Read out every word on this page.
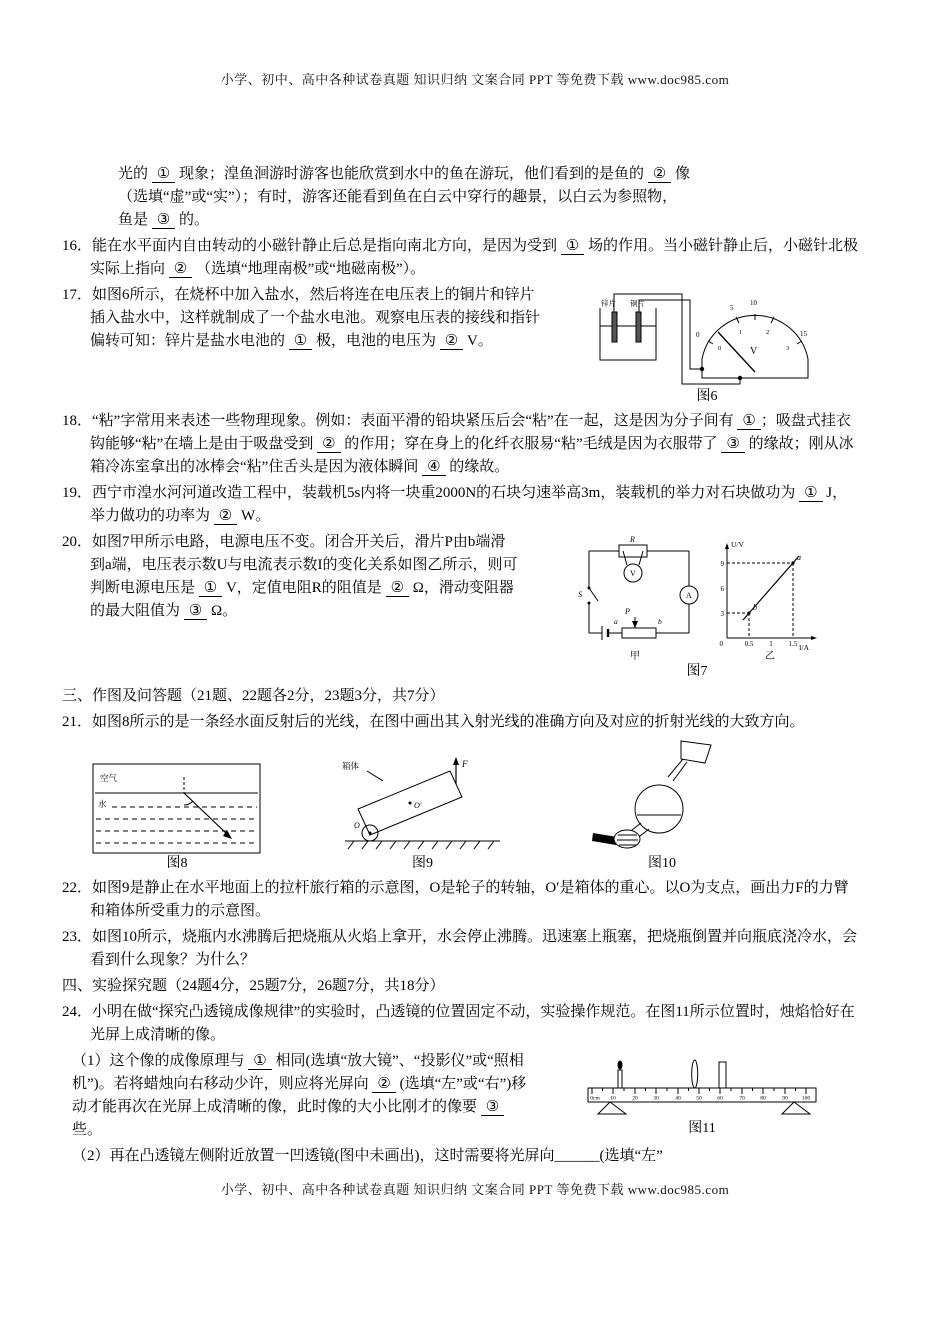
小学、初中、高中各种试卷真题 知识归纳 文案合同 PPT 等免费下载 www.doc985.com
光的 ① 现象；湟鱼洄游时游客也能欣赏到水中的鱼在游玩，他们看到的是鱼的 ② 像
（选填“虚”或“实”）；有时，游客还能看到鱼在白云中穿行的趣景，以白云为参照物，
鱼是 ③ 的。
16．能在水平面内自由转动的小磁针静止后总是指向南北方向，是因为受到 ① 场的作用。当小磁针静止后，小磁针北极实际上指向 ② （选填“地理南极”或“地磁南极”）。
锌片 铜片
0
5
10
15
0
1	2
3
V
图6
17．如图6所示，在烧杯中加入盐水，然后将连在电压表上的铜片和锌片插入盐水中，这样就制成了一个盐水电池。观察电压表的接线和指针偏转可知：锌片是盐水电池的 ① 极，电池的电压为 ② V。
18．“粘”字常用来表述一些物理现象。例如：表面平滑的铅块紧压后会“粘”在一起，这是因为分子间有 ① ；吸盘式挂衣钩能够“粘”在墙上是由于吸盘受到 ② 的作用；穿在身上的化纤衣服易“粘”毛绒是因为衣服带了 ③ 的缘故；刚从冰箱冷冻室拿出的冰棒会“粘”住舌头是因为液体瞬间 ④ 的缘故。
19．西宁市湟水河河道改造工程中，装载机5s内将一块重2000N的石块匀速举高3m，装载机的举力对石块做功为 ① J，举力做功的功率为 ② W。
R
V
S
P
a	b
A
甲
U/V
I/A
3
6
9
0	0.5 1 1.5
a
b
乙
图7
20．如图7甲所示电路，电源电压不变。闭合开关后，滑片P由b端滑到a端，电压表示数U与电流表示数I的变化关系如图乙所示，则可判断电源电压是 ① V，定值电阻R的阻值是 ② Ω，滑动变阻器的最大阻值为 ③ Ω。
三、作图及问答题（21题、22题各2分，23题3分，共7分）
21．如图8所示的是一条经水面反射后的光线，在图中画出其入射光线的准确方向及对应的折射光线的大致方向。
空气
水
图8
O
O′
F
箱体
图9	图10
22．如图9是静止在水平地面上的拉杆旅行箱的示意图，O是轮子的转轴，O′是箱体的重心。以O为支点，画出力F的力臂和箱体所受重力的示意图。
23．如图10所示，烧瓶内水沸腾后把烧瓶从火焰上拿开，水会停止沸腾。迅速塞上瓶塞，把烧瓶倒置并向瓶底浇冷水，会看到什么现象？为什么？
四、实验探究题（24题4分，25题7分，26题7分，共18分）
24．小明在做“探究凸透镜成像规律”的实验时，凸透镜的位置固定不动，实验操作规范。在图11所示位置时，烛焰恰好在光屏上成清晰的像。
0cm 10	20	30	40	50	60	70	80	90	100
图11
（1）这个像的成像原理与 ① 相同(选填“放大镜”、“投影仪”或“照相机”)。若将蜡烛向右移动少许，则应将光屏向 ② (选填“左”或“右”)移动才能再次在光屏上成清晰的像，此时像的大小比刚才的像要 ③ 些。
（2）再在凸透镜左侧附近放置一凹透镜(图中未画出)，这时需要将光屏向______(选填“左”
小学、初中、高中各种试卷真题 知识归纳 文案合同 PPT 等免费下载 www.doc985.com
